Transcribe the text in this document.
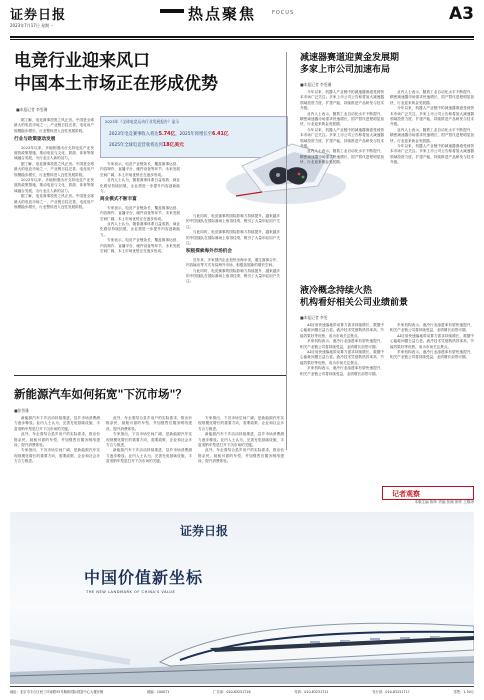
证券日报
2023年7月17日 星期一
热点聚焦	FOCUS	A3
电竞行业迎来风口
中国本土市场正在形成优势
■本报记者 李雯珊
2023年《全球电竞运动行业发展报告》显示
2023年电竞赛事收入将达5.74亿，2025年将增长至6.41亿
2025年全球电竞营收将达到18亿美元

据了解，电竞赛事投资之风正劲。中国是全球最大的电竞市场之一，产业链日趋完善，电竞用户规模稳步增长，行业整体进入良性发展阶段。

行业与政策驱动发展

2023年以来，多地相继出台支持电竞产业发展的政策措施，推动电竞与文化、旅游、体育等领域融合发展，为行业注入新的活力。

据了解，电竞赛事投资之风正劲。中国是全球最大的电竞市场之一，产业链日趋完善，电竞用户规模稳步增长，行业整体进入良性发展阶段。

2023年以来，多地相继出台支持电竞产业发展的政策措施，推动电竞与文化、旅游、体育等领域融合发展，为行业注入新的活力。

据了解，电竞赛事投资之风正劲。中国是全球最大的电竞市场之一，产业链日趋完善，电竞用户规模稳步增长，行业整体进入良性发展阶段。

专家表示，电竞产业链条长，覆盖赛事运营、内容制作、直播平台、硬件设备等环节，未来发展空间广阔，本土市场优势正在逐步形成。

业内人士认为，随着赛事体系日益成熟，商业化路径持续拓展，企业需进一步提升内容创新能力。

商业模式不断丰富

专家表示，电竞产业链条长，覆盖赛事运营、内容制作、直播平台、硬件设备等环节，未来发展空间广阔，本土市场优势正在逐步形成。

业内人士认为，随着赛事体系日益成熟，商业化路径持续拓展，企业需进一步提升内容创新能力。

专家表示，电竞产业链条长，覆盖赛事运营、内容制作、直播平台、硬件设备等环节，未来发展空间广阔，本土市场优势正在逐步形成。

与此同时，电竞赛事的国际影响力持续提升，越来越多的中国战队在国际赛场上取得佳绩，吸引了大量年轻用户关注。

与此同时，电竞赛事的国际影响力持续提升，越来越多的中国战队在国际赛场上取得佳绩，吸引了大量年轻用户关注。

积极探索海外市场机会

近年来，多家国内企业加快出海步伐，通过赛事合作、内容输出等方式布局海外市场，积极拓展新的增长空间。

与此同时，电竞赛事的国际影响力持续提升，越来越多的中国战队在国际赛场上取得佳绩，吸引了大量年轻用户关注。

减速器赛道迎黄金发展期
多家上市公司加速布局
■本报记者 李雯珊

今年以来，机器人产业链中的减速器赛道受到资本市场广泛关注。多家上市公司公告称将加大减速器领域投资力度，扩建产能，持续推进产品研发与技术升级。

业内人士表示，随着工业自动化水平不断提升，精密减速器市场需求快速增长，国产替代进程明显加快，行业迎来黄金发展期。

今年以来，机器人产业链中的减速器赛道受到资本市场广泛关注。多家上市公司公告称将加大减速器领域投资力度，扩建产能，持续推进产品研发与技术升级。

业内人士表示，随着工业自动化水平不断提升，精密减速器市场需求快速增长，国产替代进程明显加快，行业迎来黄金发展期。

业内人士表示，随着工业自动化水平不断提升，精密减速器市场需求快速增长，国产替代进程明显加快，行业迎来黄金发展期。

今年以来，机器人产业链中的减速器赛道受到资本市场广泛关注。多家上市公司公告称将加大减速器领域投资力度，扩建产能，持续推进产品研发与技术升级。

业内人士表示，随着工业自动化水平不断提升，精密减速器市场需求快速增长，国产替代进程明显加快，行业迎来黄金发展期。

今年以来，机器人产业链中的减速器赛道受到资本市场广泛关注。多家上市公司公告称将加大减速器领域投资力度，扩建产能，持续推进产品研发与技术升级。

液冷概念持续火热
机构看好相关公司业绩前景
■本报记者 李雯

AI应用快速落地带动算力需求持续增长，数据中心能耗问题日益凸显。液冷技术凭借散热效率高、节能效果好等优势，成为市场关注焦点。

多家机构表示，液冷行业渗透率有望快速提升，相关产业链公司将持续受益，业绩增长前景可期。

AI应用快速落地带动算力需求持续增长，数据中心能耗问题日益凸显。液冷技术凭借散热效率高、节能效果好等优势，成为市场关注焦点。

多家机构表示，液冷行业渗透率有望快速提升，相关产业链公司将持续受益，业绩增长前景可期。

多家机构表示，液冷行业渗透率有望快速提升，相关产业链公司将持续受益，业绩增长前景可期。

AI应用快速落地带动算力需求持续增长，数据中心能耗问题日益凸显。液冷技术凭借散热效率高、节能效果好等优势，成为市场关注焦点。

多家机构表示，液冷行业渗透率有望快速提升，相关产业链公司将持续受益，业绩增长前景可期。

新能源汽车如何拓宽"下沉市场"？
■张智雅

新能源汽车下乡活动持续推进，县乡市场消费潜力逐步释放。业内人士认为，完善充电基础设施、丰富适销车型是打开下沉市场的关键。

此外，车企需结合县乡用户的实际需求，推出价格亲民、续航可靠的车型，并加强售后服务网络建设，提升消费体验。

专家指出，下沉市场空间广阔，是新能源汽车实现规模化增长的重要方向，需要政策、企业和社会多方合力推进。

此外，车企需结合县乡用户的实际需求，推出价格亲民、续航可靠的车型，并加强售后服务网络建设，提升消费体验。

专家指出，下沉市场空间广阔，是新能源汽车实现规模化增长的重要方向，需要政策、企业和社会多方合力推进。

新能源汽车下乡活动持续推进，县乡市场消费潜力逐步释放。业内人士认为，完善充电基础设施、丰富适销车型是打开下沉市场的关键。

专家指出，下沉市场空间广阔，是新能源汽车实现规模化增长的重要方向，需要政策、企业和社会多方合力推进。

新能源汽车下乡活动持续推进，县乡市场消费潜力逐步释放。业内人士认为，完善充电基础设施、丰富适销车型是打开下沉市场的关键。

此外，车企需结合县乡用户的实际需求，推出价格亲民、续航可靠的车型，并加强售后服务网络建设，提升消费体验。

记者观察
本版主编 陈炜 责编 张晓 制作 王敬涛
证券日报
中国价值新坐标
THE NEW LANDMARK OF CHINA'S VALUE
地址：北京市丰台区西三环南路55号顺和国际财富中心大楼东侧	邮编：100071	广告部：010-83251716	传真：010-83251711	发行部：010-83251717	零售：1.30元
